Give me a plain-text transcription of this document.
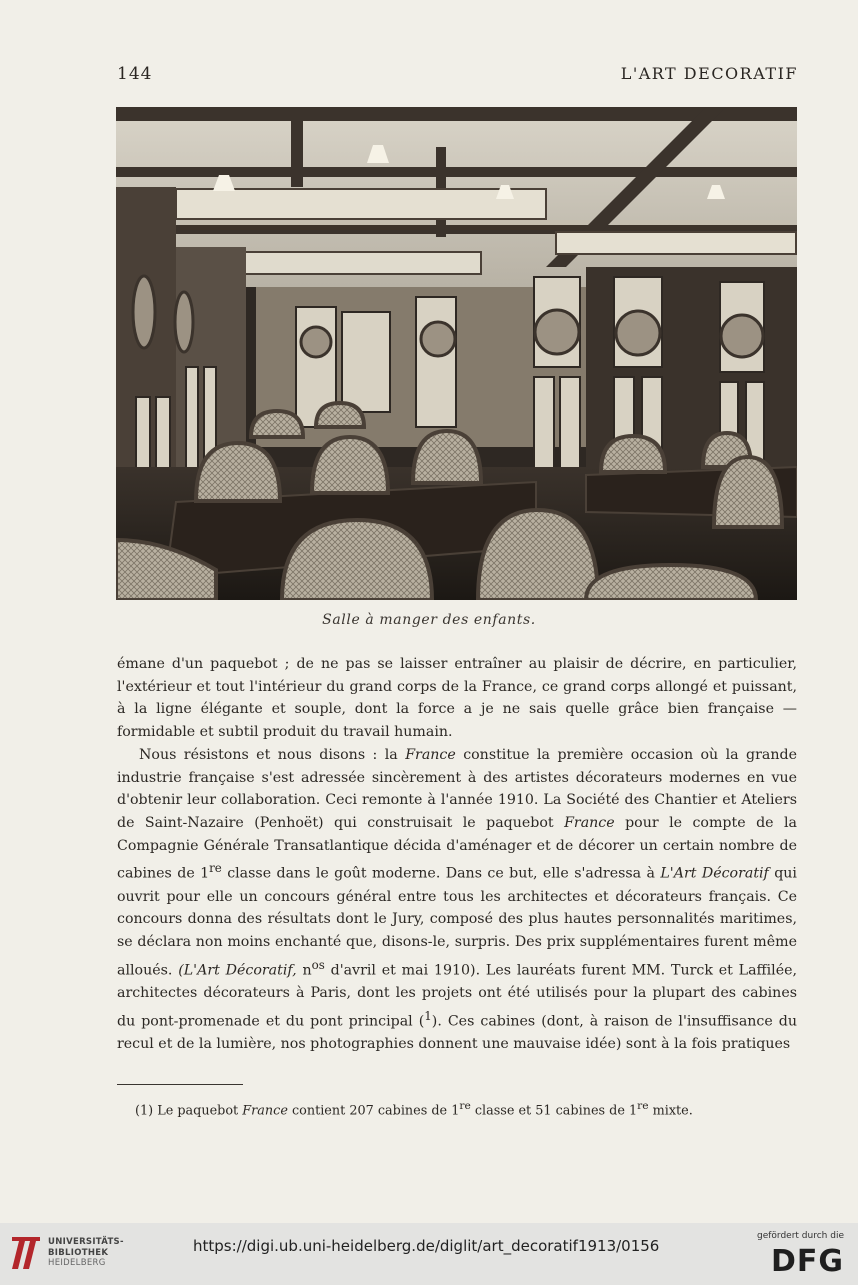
144	L'ART DECORATIF
Salle à manger des enfants.

émane d'un paquebot ; de ne pas se laisser entraîner au plaisir de décrire, en particulier, l'extérieur et tout l'intérieur du grand corps de la France, ce grand corps allongé et puissant, à la ligne élégante et souple, dont la force a je ne sais quelle grâce bien française — formidable et subtil produit du travail humain.

Nous résistons et nous disons : la France constitue la première occasion où la grande industrie française s'est adressée sincèrement à des artistes décorateurs modernes en vue d'obtenir leur collaboration. Ceci remonte à l'année 1910. La Société des Chantier et Ateliers de Saint-Nazaire (Penhoët) qui construisait le paquebot France pour le compte de la Compagnie Générale Transatlantique décida d'aménager et de décorer un certain nombre de cabines de 1re classe dans le goût moderne. Dans ce but, elle s'adressa à L'Art Décoratif qui ouvrit pour elle un concours général entre tous les architectes et décorateurs français. Ce concours donna des résultats dont le Jury, composé des plus hautes personnalités maritimes, se déclara non moins enchanté que, disons-le, surpris. Des prix supplémentaires furent même alloués. (L'Art Décoratif, $n^{os}$ d'avril et mai 1910). Les lauréats furent MM. Turck et Laffilée, architectes décorateurs à Paris, dont les projets ont été utilisés pour la plupart des cabines du pont-promenade et du pont principal ($^1$). Ces cabines (dont, à raison de l'insuffisance du recul et de la lumière, nos photographies donnent une mauvaise idée) sont à la fois pratiques

(1) Le paquebot France contient 207 cabines de 1re classe et 51 cabines de 1re mixte.
UNIVERSITÄTS-
BIBLIOTHEK
HEIDELBERG
https://digi.ub.uni-heidelberg.de/diglit/art_decoratif1913/0156
gefördert durch die
DFG
